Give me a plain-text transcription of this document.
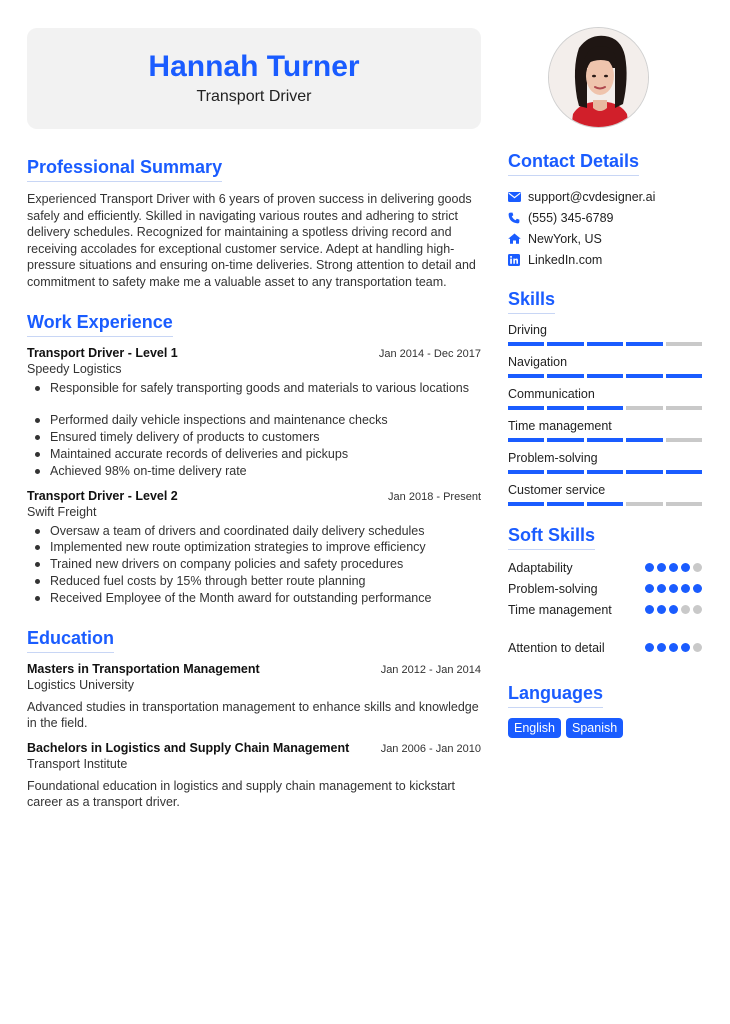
Hannah Turner
Transport Driver
Professional Summary

Experienced Transport Driver with 6 years of proven success in delivering goods safely and efficiently. Skilled in navigating various routes and adhering to strict delivery schedules. Recognized for maintaining a spotless driving record and receiving accolades for exceptional customer service. Adept at handling high-pressure situations and ensuring on-time deliveries. Strong attention to detail and commitment to safety make me a valuable asset to any transportation team.

Work Experience
Transport Driver - Level 1	Jan 2014 - Dec 2017
Speedy Logistics
Responsible for safely transporting goods and materials to various locations
Performed daily vehicle inspections and maintenance checks
Ensured timely delivery of products to customers
Maintained accurate records of deliveries and pickups
Achieved 98% on-time delivery rate
Transport Driver - Level 2	Jan 2018 - Present
Swift Freight
Oversaw a team of drivers and coordinated daily delivery schedules
Implemented new route optimization strategies to improve efficiency
Trained new drivers on company policies and safety procedures
Reduced fuel costs by 15% through better route planning
Received Employee of the Month award for outstanding performance
Education
Masters in Transportation Management	Jan 2012 - Jan 2014
Logistics University

Advanced studies in transportation management to enhance skills and knowledge in the field.

Bachelors in Logistics and Supply Chain Management	Jan 2006 - Jan 2010
Transport Institute

Foundational education in logistics and supply chain management to kickstart career as a transport driver.

Contact Details
support@cvdesigner.ai
(555) 345-6789
NewYork, US
LinkedIn.com
Skills
Driving
Navigation
Communication
Time management
Problem-solving
Customer service
Soft Skills
Adaptability
Problem-solving
Time management
Attention to detail
Languages
English	Spanish
